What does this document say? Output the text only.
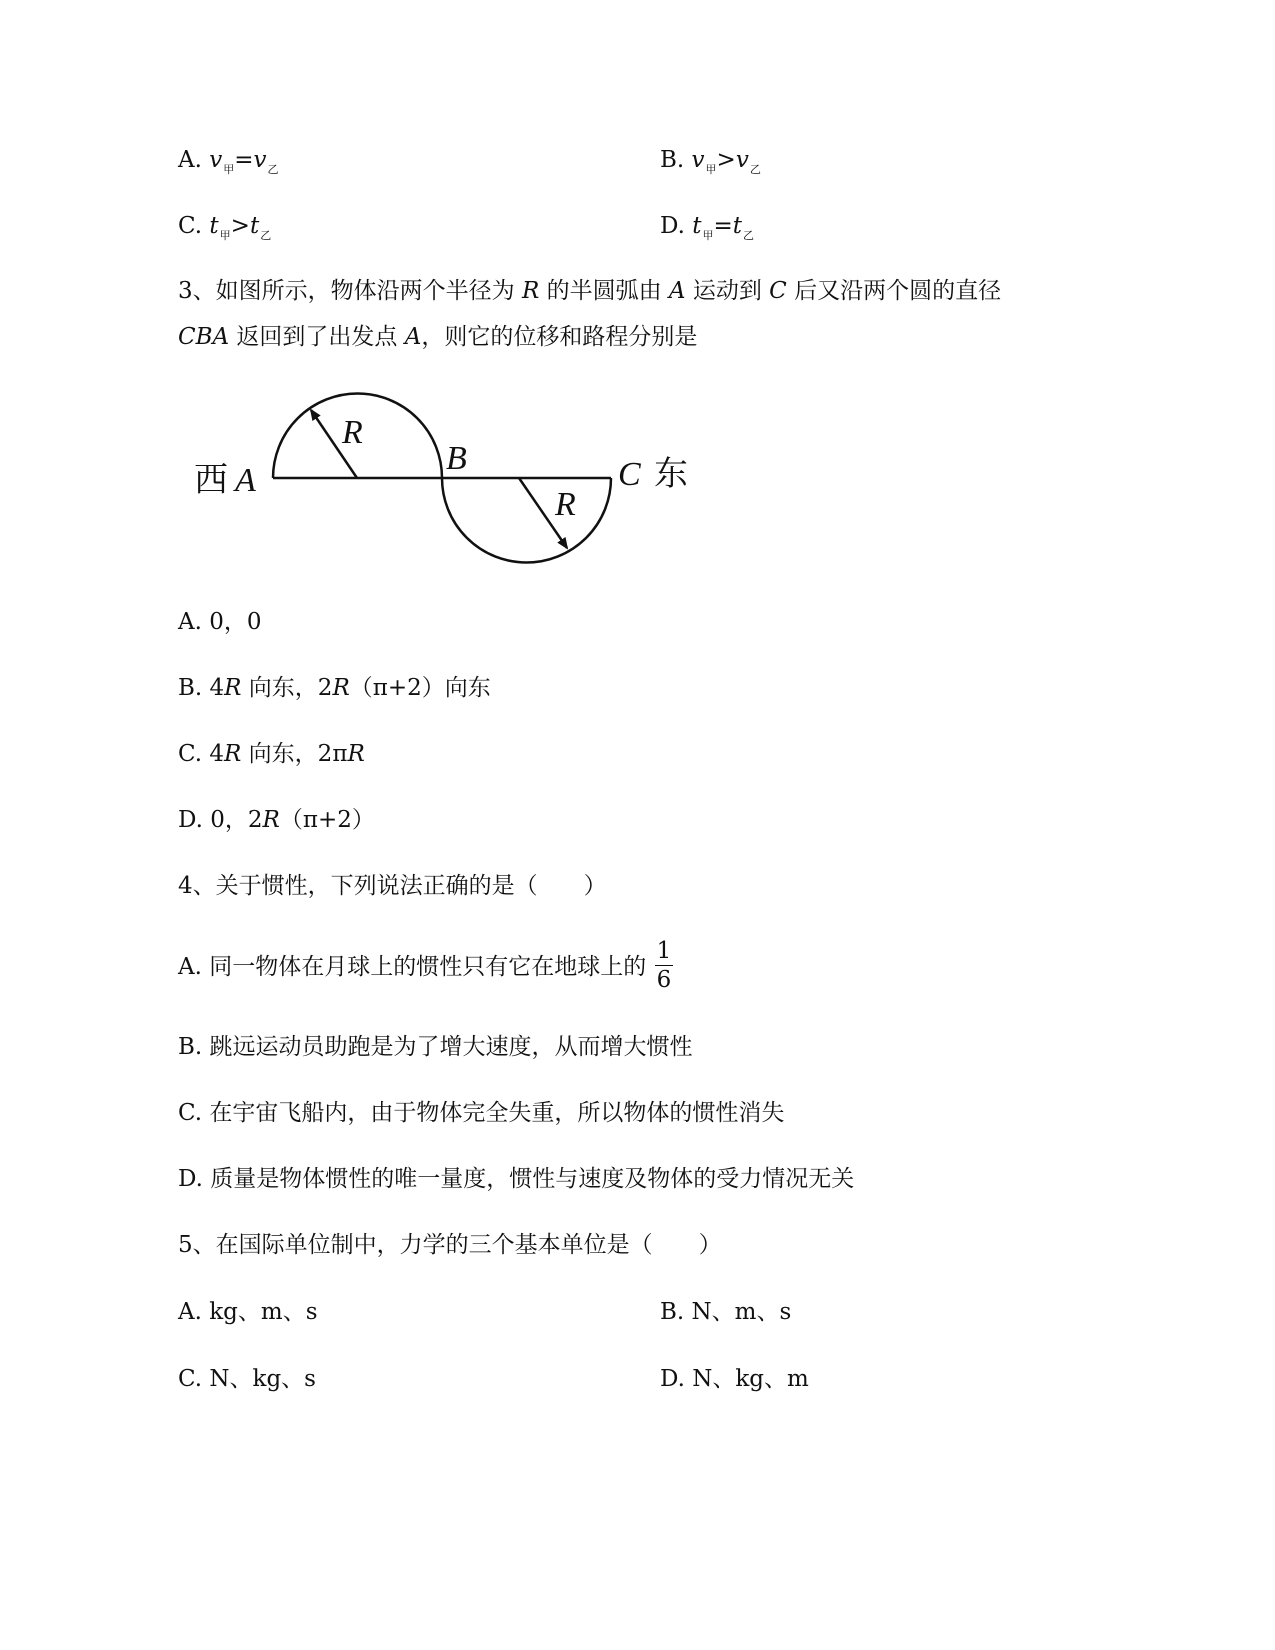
A. $v_甲=v_乙$	B. $v_甲>v_乙$
C. $t_甲>t_乙$	D. $t_甲=t_乙$
3、如图所示，物体沿两个半径为 R 的半圆弧由 A 运动到 C 后又沿两个圆的直径
CBA 返回到了出发点 A，则它的位移和路程分别是
西 A
R
B
R
C 东
A. 0，0
B. 4R 向东，2R（π+2）向东
C. 4R 向东，2πR
D. 0，2R（π+2）
4、关于惯性，下列说法正确的是（　　）
A. 同一物体在月球上的惯性只有它在地球上的
1
6
B. 跳远运动员助跑是为了增大速度，从而增大惯性
C. 在宇宙飞船内，由于物体完全失重，所以物体的惯性消失
D. 质量是物体惯性的唯一量度，惯性与速度及物体的受力情况无关
5、在国际单位制中，力学的三个基本单位是（　　）
A. kg、m、s	B. N、m、s
C. N、kg、s	D. N、kg、m
